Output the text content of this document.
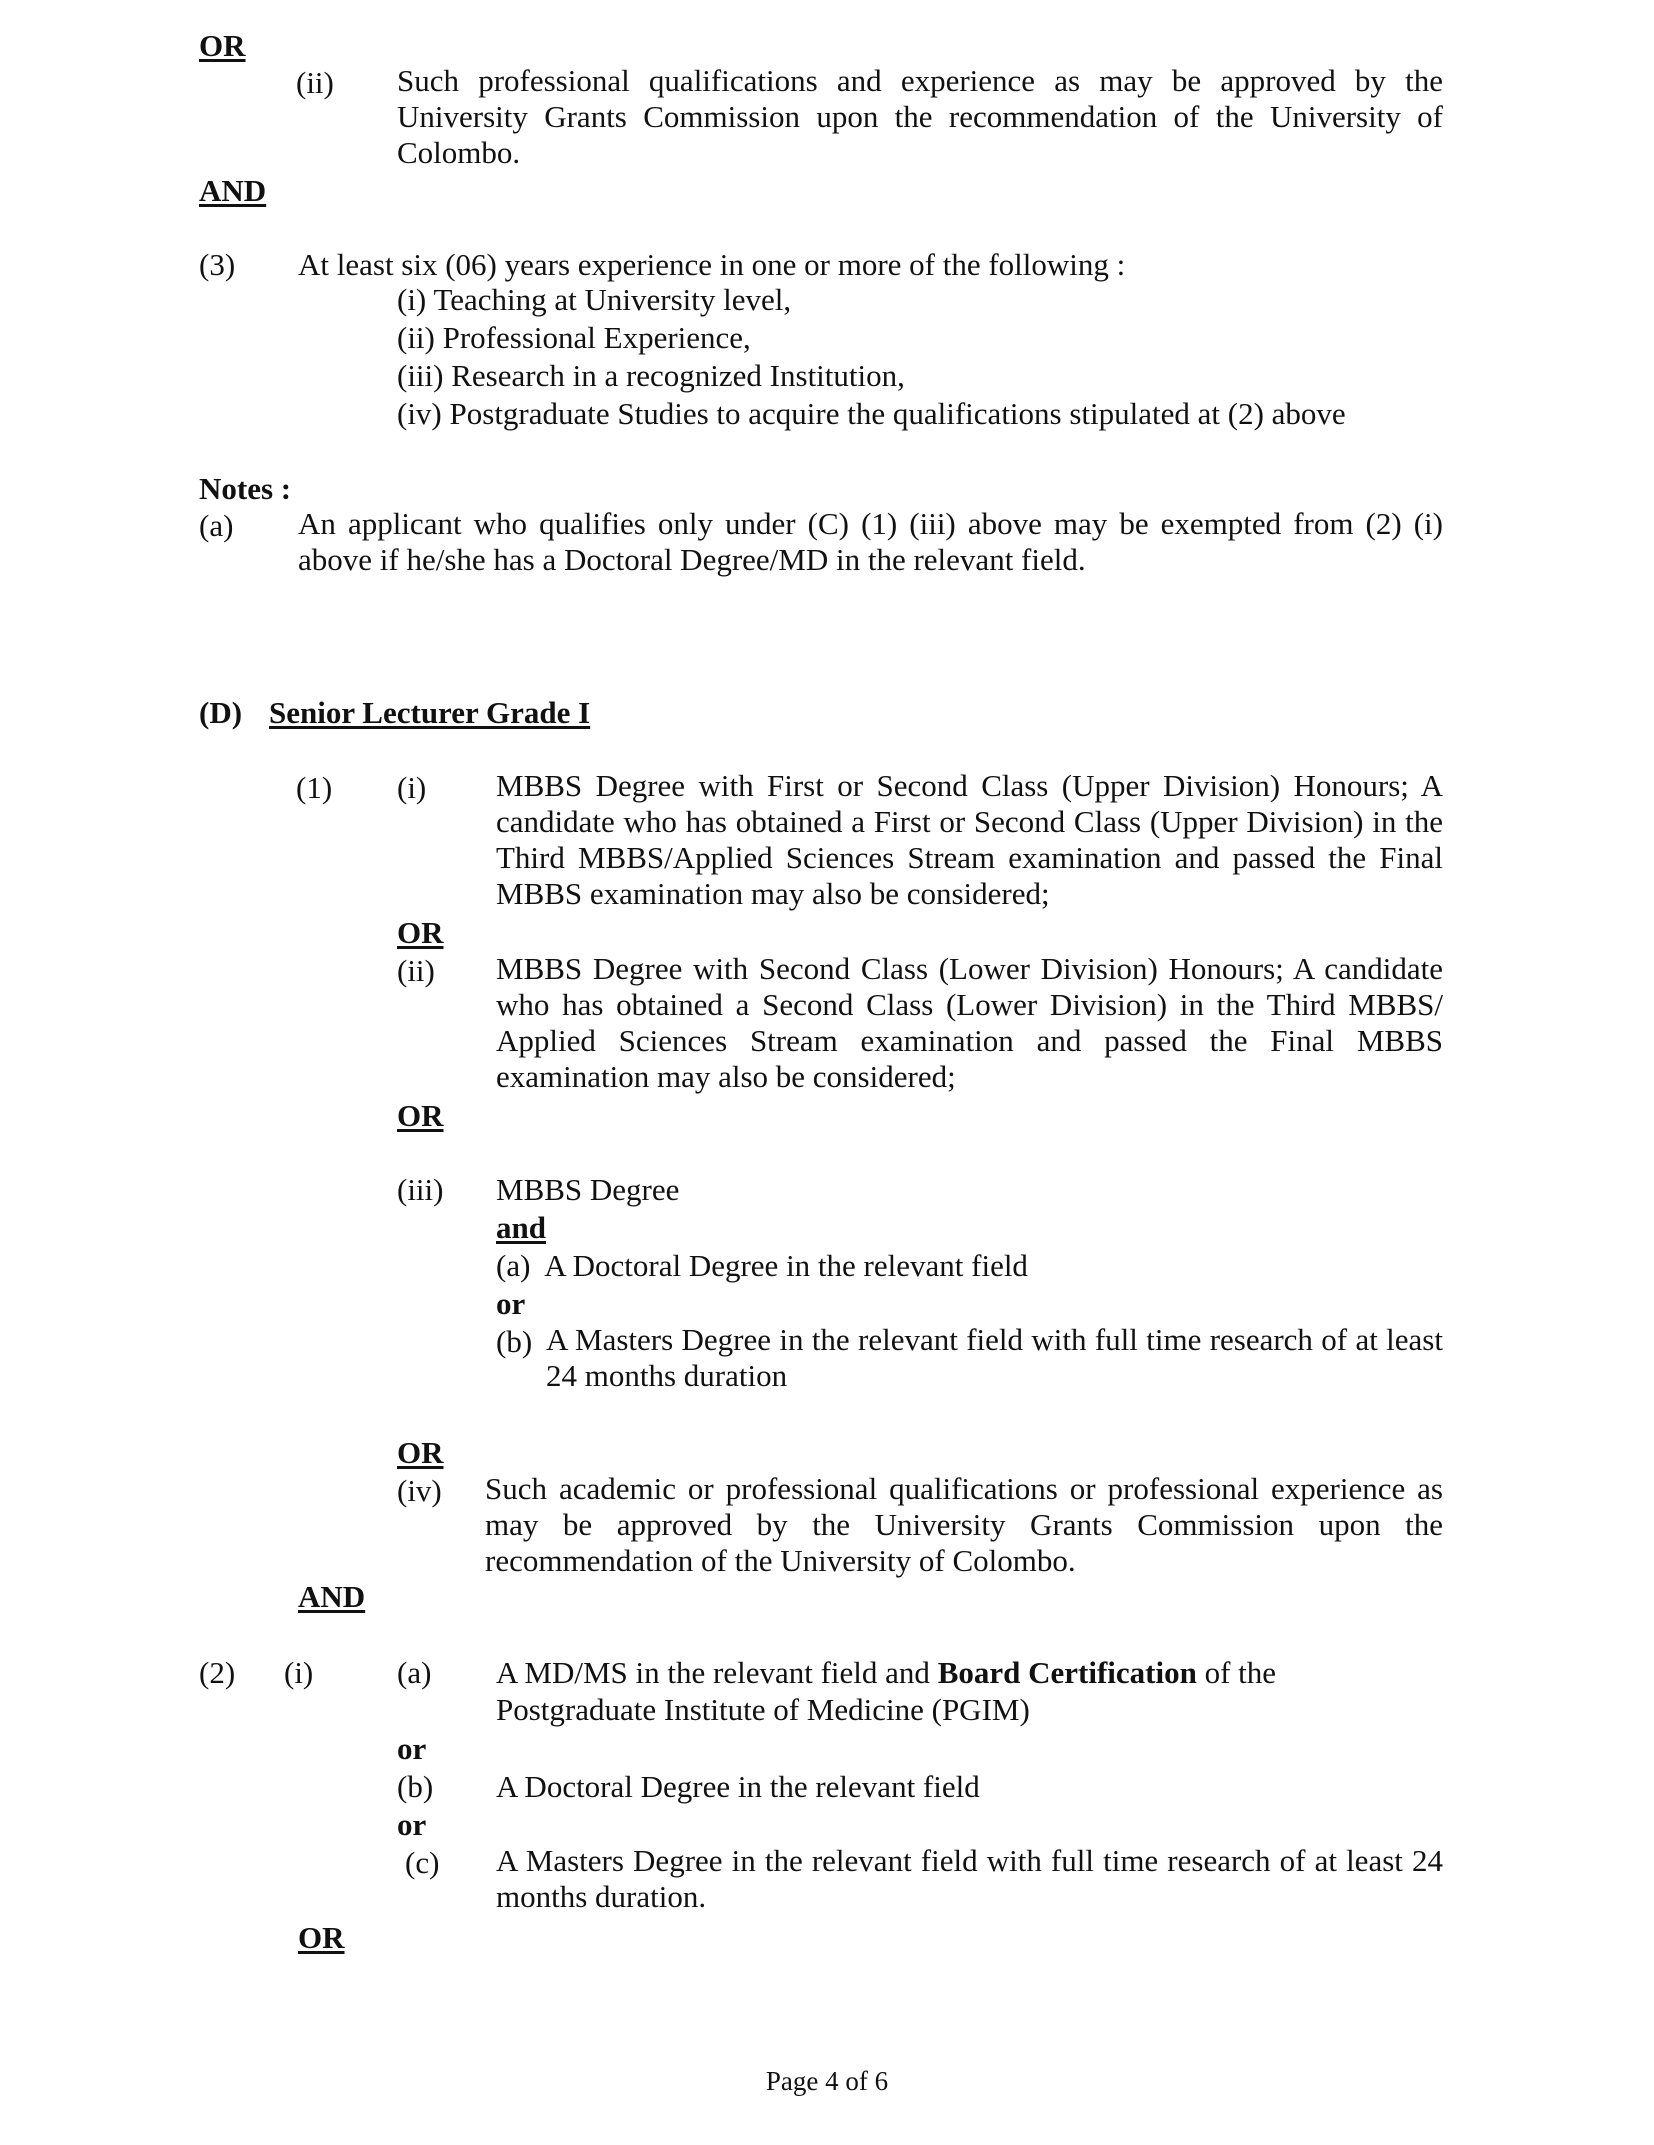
OR
(ii) Such professional qualifications and experience as may be approved by the University Grants Commission upon the recommendation of the University of Colombo.
AND
(3) At least six (06) years experience in one or more of the following :
(i) Teaching at University level,
(ii) Professional Experience,
(iii) Research in a recognized Institution,
(iv) Postgraduate Studies to acquire the qualifications stipulated at (2) above
Notes :
(a) An applicant who qualifies only under (C) (1) (iii) above may be exempted from (2) (i) above if he/she has a Doctoral Degree/MD in the relevant field.
(D) Senior Lecturer Grade I
(1) (i) MBBS Degree with First or Second Class (Upper Division) Honours; A candidate who has obtained a First or Second Class (Upper Division) in the Third MBBS/Applied Sciences Stream examination and passed the Final MBBS examination may also be considered;
OR
(ii) MBBS Degree with Second Class (Lower Division) Honours; A candidate who has obtained a Second Class (Lower Division) in the Third MBBS/ Applied Sciences Stream examination and passed the Final MBBS examination may also be considered;
OR
(iii) MBBS Degree
and
(a)  A Doctoral Degree in the relevant field
or
(b) A Masters Degree in the relevant field with full time research of at least 24 months duration
OR
(iv) Such academic or professional qualifications or professional experience as may be approved by the University Grants Commission upon the recommendation of the University of Colombo.
AND
(2) (i)	(a) A MD/MS in the relevant field and Board Certification of the
Postgraduate Institute of Medicine (PGIM)
or
(b) A Doctoral Degree in the relevant field
or
(c) A Masters Degree in the relevant field with full time research of at least 24 months duration.
OR
Page 4 of 6
